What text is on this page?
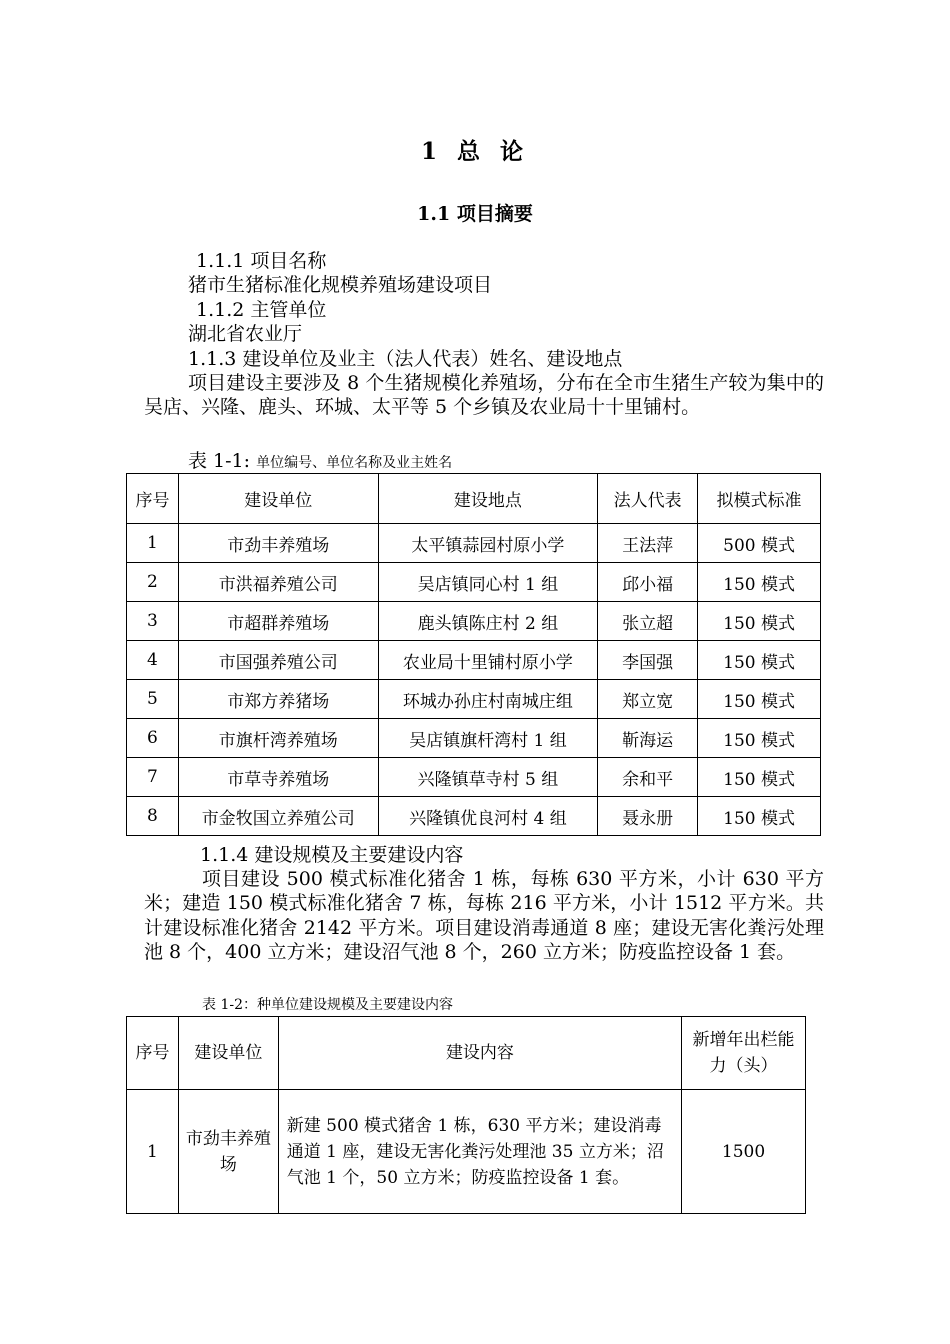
1 总 论
1.1 项目摘要
1.1.1 项目名称
猪市生猪标准化规模养殖场建设项目
1.1.2 主管单位
湖北省农业厅
1.1.3 建设单位及业主（法人代表）姓名、建设地点
项目建设主要涉及 8 个生猪规模化养殖场，分布在全市生猪生产较为集中的吴店、兴隆、鹿头、环城、太平等 5 个乡镇及农业局十十里铺村。
表 1-1: 单位编号、单位名称及业主姓名
序号	建设单位	建设地点	法人代表	拟模式标准
1	市劲丰养殖场	太平镇蒜园村原小学	王法萍	500 模式
2	市洪福养殖公司	吴店镇同心村 1 组	邱小福	150 模式
3	市超群养殖场	鹿头镇陈庄村 2 组	张立超	150 模式
4	市国强养殖公司	农业局十里铺村原小学	李国强	150 模式
5	市郑方养猪场	环城办孙庄村南城庄组	郑立宽	150 模式
6	市旗杆湾养殖场	吴店镇旗杆湾村 1 组	靳海运	150 模式
7	市草寺养殖场	兴隆镇草寺村 5 组	余和平	150 模式
8	市金牧国立养殖公司	兴隆镇优良河村 4 组	聂永册	150 模式
1.1.4 建设规模及主要建设内容
项目建设 500 模式标准化猪舍 1 栋，每栋 630 平方米，小计 630 平方米；建造 150 模式标准化猪舍 7 栋，每栋 216 平方米，小计 1512 平方米。共计建设标准化猪舍 2142 平方米。项目建设消毒通道 8 座；建设无害化粪污处理池 8 个，400 立方米；建设沼气池 8 个，260 立方米；防疫监控设备 1 套。
表 1-2：种单位建设规模及主要建设内容
序号	建设单位	建设内容	新增年出栏能力（头）
1	市劲丰养殖场	新建 500 模式猪舍 1 栋，630 平方米；建设消毒通道 1 座，建设无害化粪污处理池 35 立方米；沼气池 1 个，50 立方米；防疫监控设备 1 套。	1500
